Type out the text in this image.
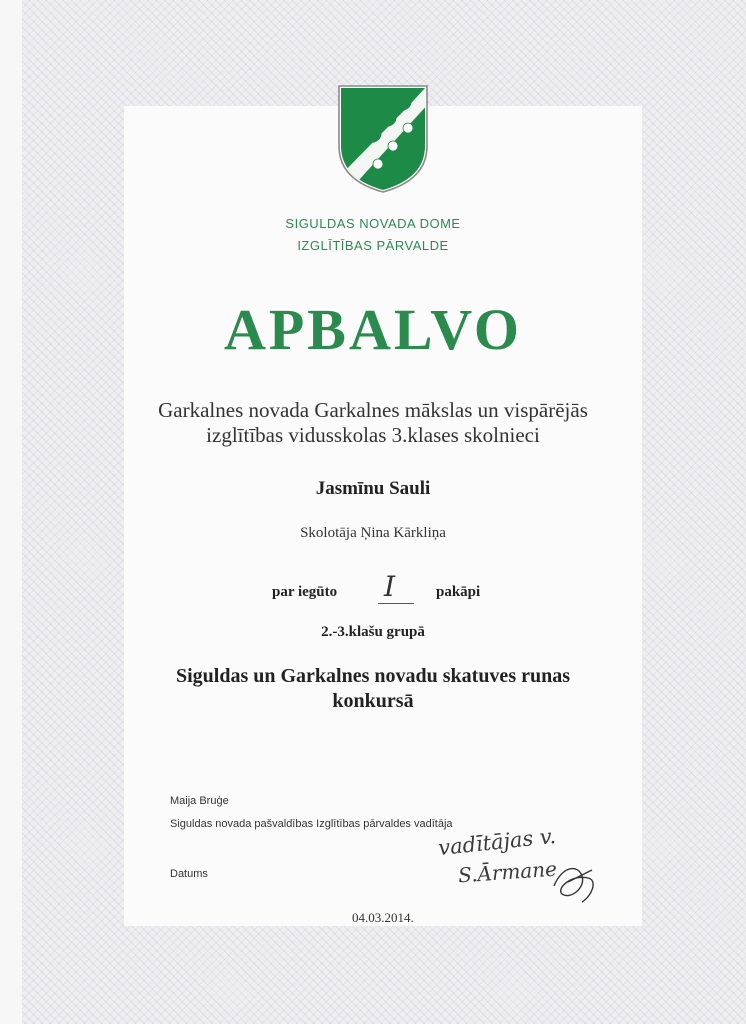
SIGULDAS NOVADA DOME
IZGLĪTĪBAS PĀRVALDE
APBALVO
Garkalnes novada Garkalnes mākslas un vispārējās
izglītības vidusskolas 3.klases skolnieci
Jasmīnu Sauli
Skolotāja Ņina Kārkliņa
par iegūto I	pakāpi
2.-3.klašu grupā
Siguldas un Garkalnes novadu skatuves runas
konkursā
Maija Bruģe
Siguldas novada pašvaldības Izglītības pārvaldes vadītāja
Datums
vadītājas v.
S.Ārmane
04.03.2014.
